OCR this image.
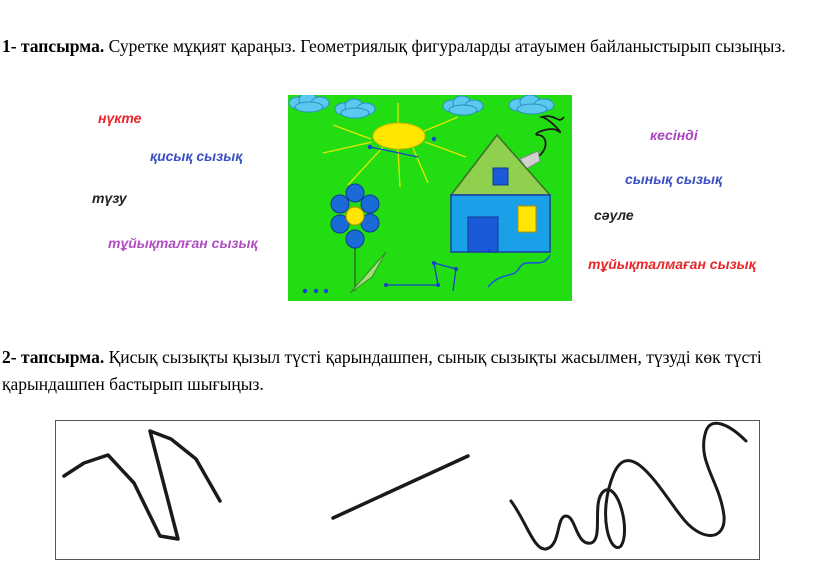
1- тапсырма. Суретке мұқият қараңыз. Геометриялық фигураларды атауымен байланыстырып сызыңыз.
нүкте
қисық сызық
түзу
тұйықталған сызық
кесінді
сынық сызық
сәуле
тұйықталмаған сызық
2- тапсырма. Қисық сызықты қызыл түсті қарындашпен, сынық сызықты жасылмен, түзуді көк түсті қарындашпен бастырып шығыңыз.
